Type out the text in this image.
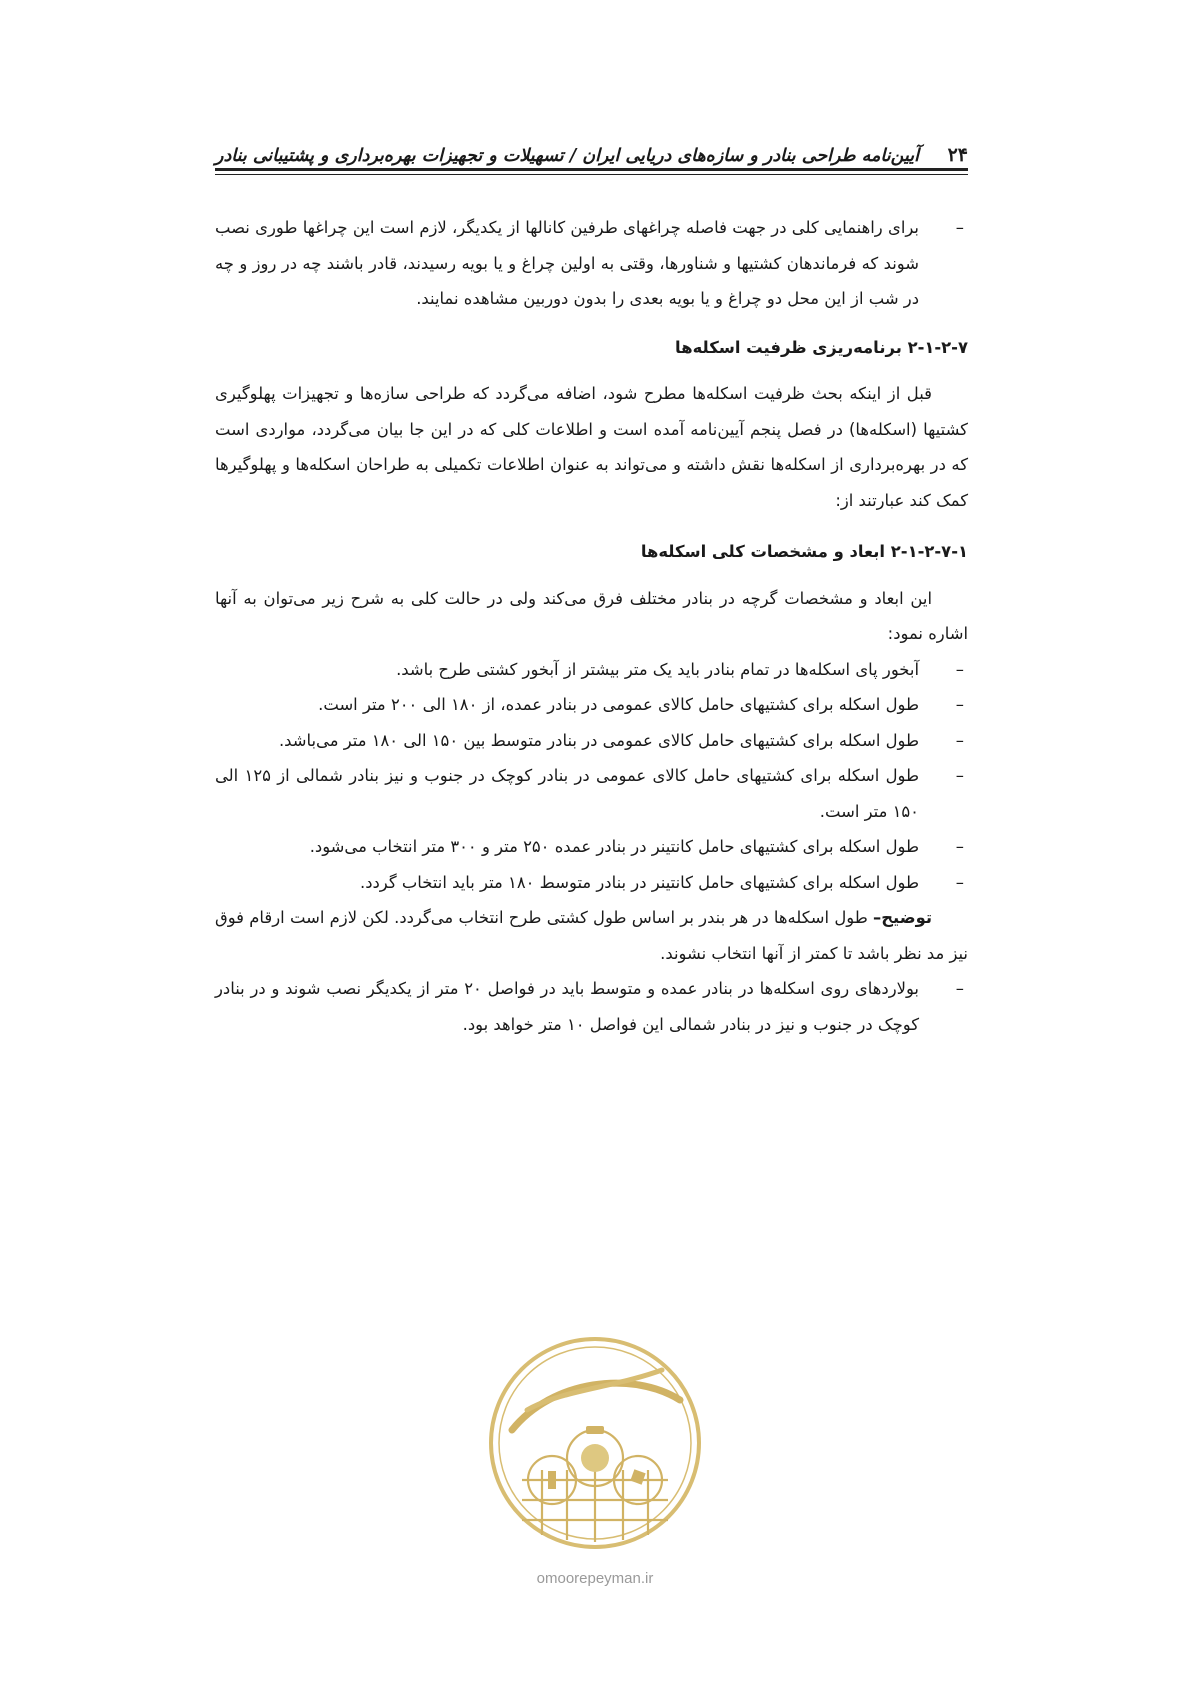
۲۴
آیین‌نامه طراحی بنادر و سازه‌های دریایی ایران / تسهیلات و تجهیزات بهره‌برداری و پشتیبانی بنادر

–
برای راهنمایی کلی در جهت فاصله چراغهای طرفین کانالها از یکدیگر، لازم است این چراغها طوری نصب شوند که فرماندهان کشتیها و شناورها، وقتی به اولین چراغ و یا بویه رسیدند، قادر باشند چه در روز و چه در شب از این محل دو چراغ و یا بویه بعدی را بدون دوربین مشاهده نمایند.

۲-۱-۲-۷ برنامه‌ریزی ظرفیت اسکله‌ها

قبل از اینکه بحث ظرفیت اسکله‌ها مطرح شود، اضافه می‌گردد که طراحی سازه‌ها و تجهیزات پهلوگیری کشتیها (اسکله‌ها) در فصل پنجم آیین‌نامه آمده است و اطلاعات کلی که در این جا بیان می‌گردد، مواردی است که در بهره‌برداری از اسکله‌ها نقش داشته و می‌تواند به عنوان اطلاعات تکمیلی به طراحان اسکله‌ها و پهلوگیرها کمک کند عبارتند از:

۲-۱-۲-۷-۱ ابعاد و مشخصات کلی اسکله‌ها

این ابعاد و مشخصات گرچه در بنادر مختلف فرق می‌کند ولی در حالت کلی به شرح زیر می‌توان به آنها اشاره نمود:

–
آبخور پای اسکله‌ها در تمام بنادر باید یک متر بیشتر از آبخور کشتی طرح باشد.

–
طول اسکله برای کشتیهای حامل کالای عمومی در بنادر عمده، از ۱۸۰ الی ۲۰۰ متر است.

–
طول اسکله برای کشتیهای حامل کالای عمومی در بنادر متوسط بین ۱۵۰ الی ۱۸۰ متر می‌باشد.

–
طول اسکله برای کشتیهای حامل کالای عمومی در بنادر کوچک در جنوب و نیز بنادر شمالی از ۱۲۵ الی ۱۵۰ متر است.

–
طول اسکله برای کشتیهای حامل کانتینر در بنادر عمده ۲۵۰ متر و ۳۰۰ متر انتخاب می‌شود.

–
طول اسکله برای کشتیهای حامل کانتینر در بنادر متوسط ۱۸۰ متر باید انتخاب گردد.

توضیح– طول اسکله‌ها در هر بندر بر اساس طول کشتی طرح انتخاب می‌گردد. لکن لازم است ارقام فوق نیز مد نظر باشد تا کمتر از آنها انتخاب نشوند.

–
بولاردهای روی اسکله‌ها در بنادر عمده و متوسط باید در فواصل ۲۰ متر از یکدیگر نصب شوند و در بنادر کوچک در جنوب و نیز در بنادر شمالی این فواصل ۱۰ متر خواهد بود.

omoorepeyman.ir
